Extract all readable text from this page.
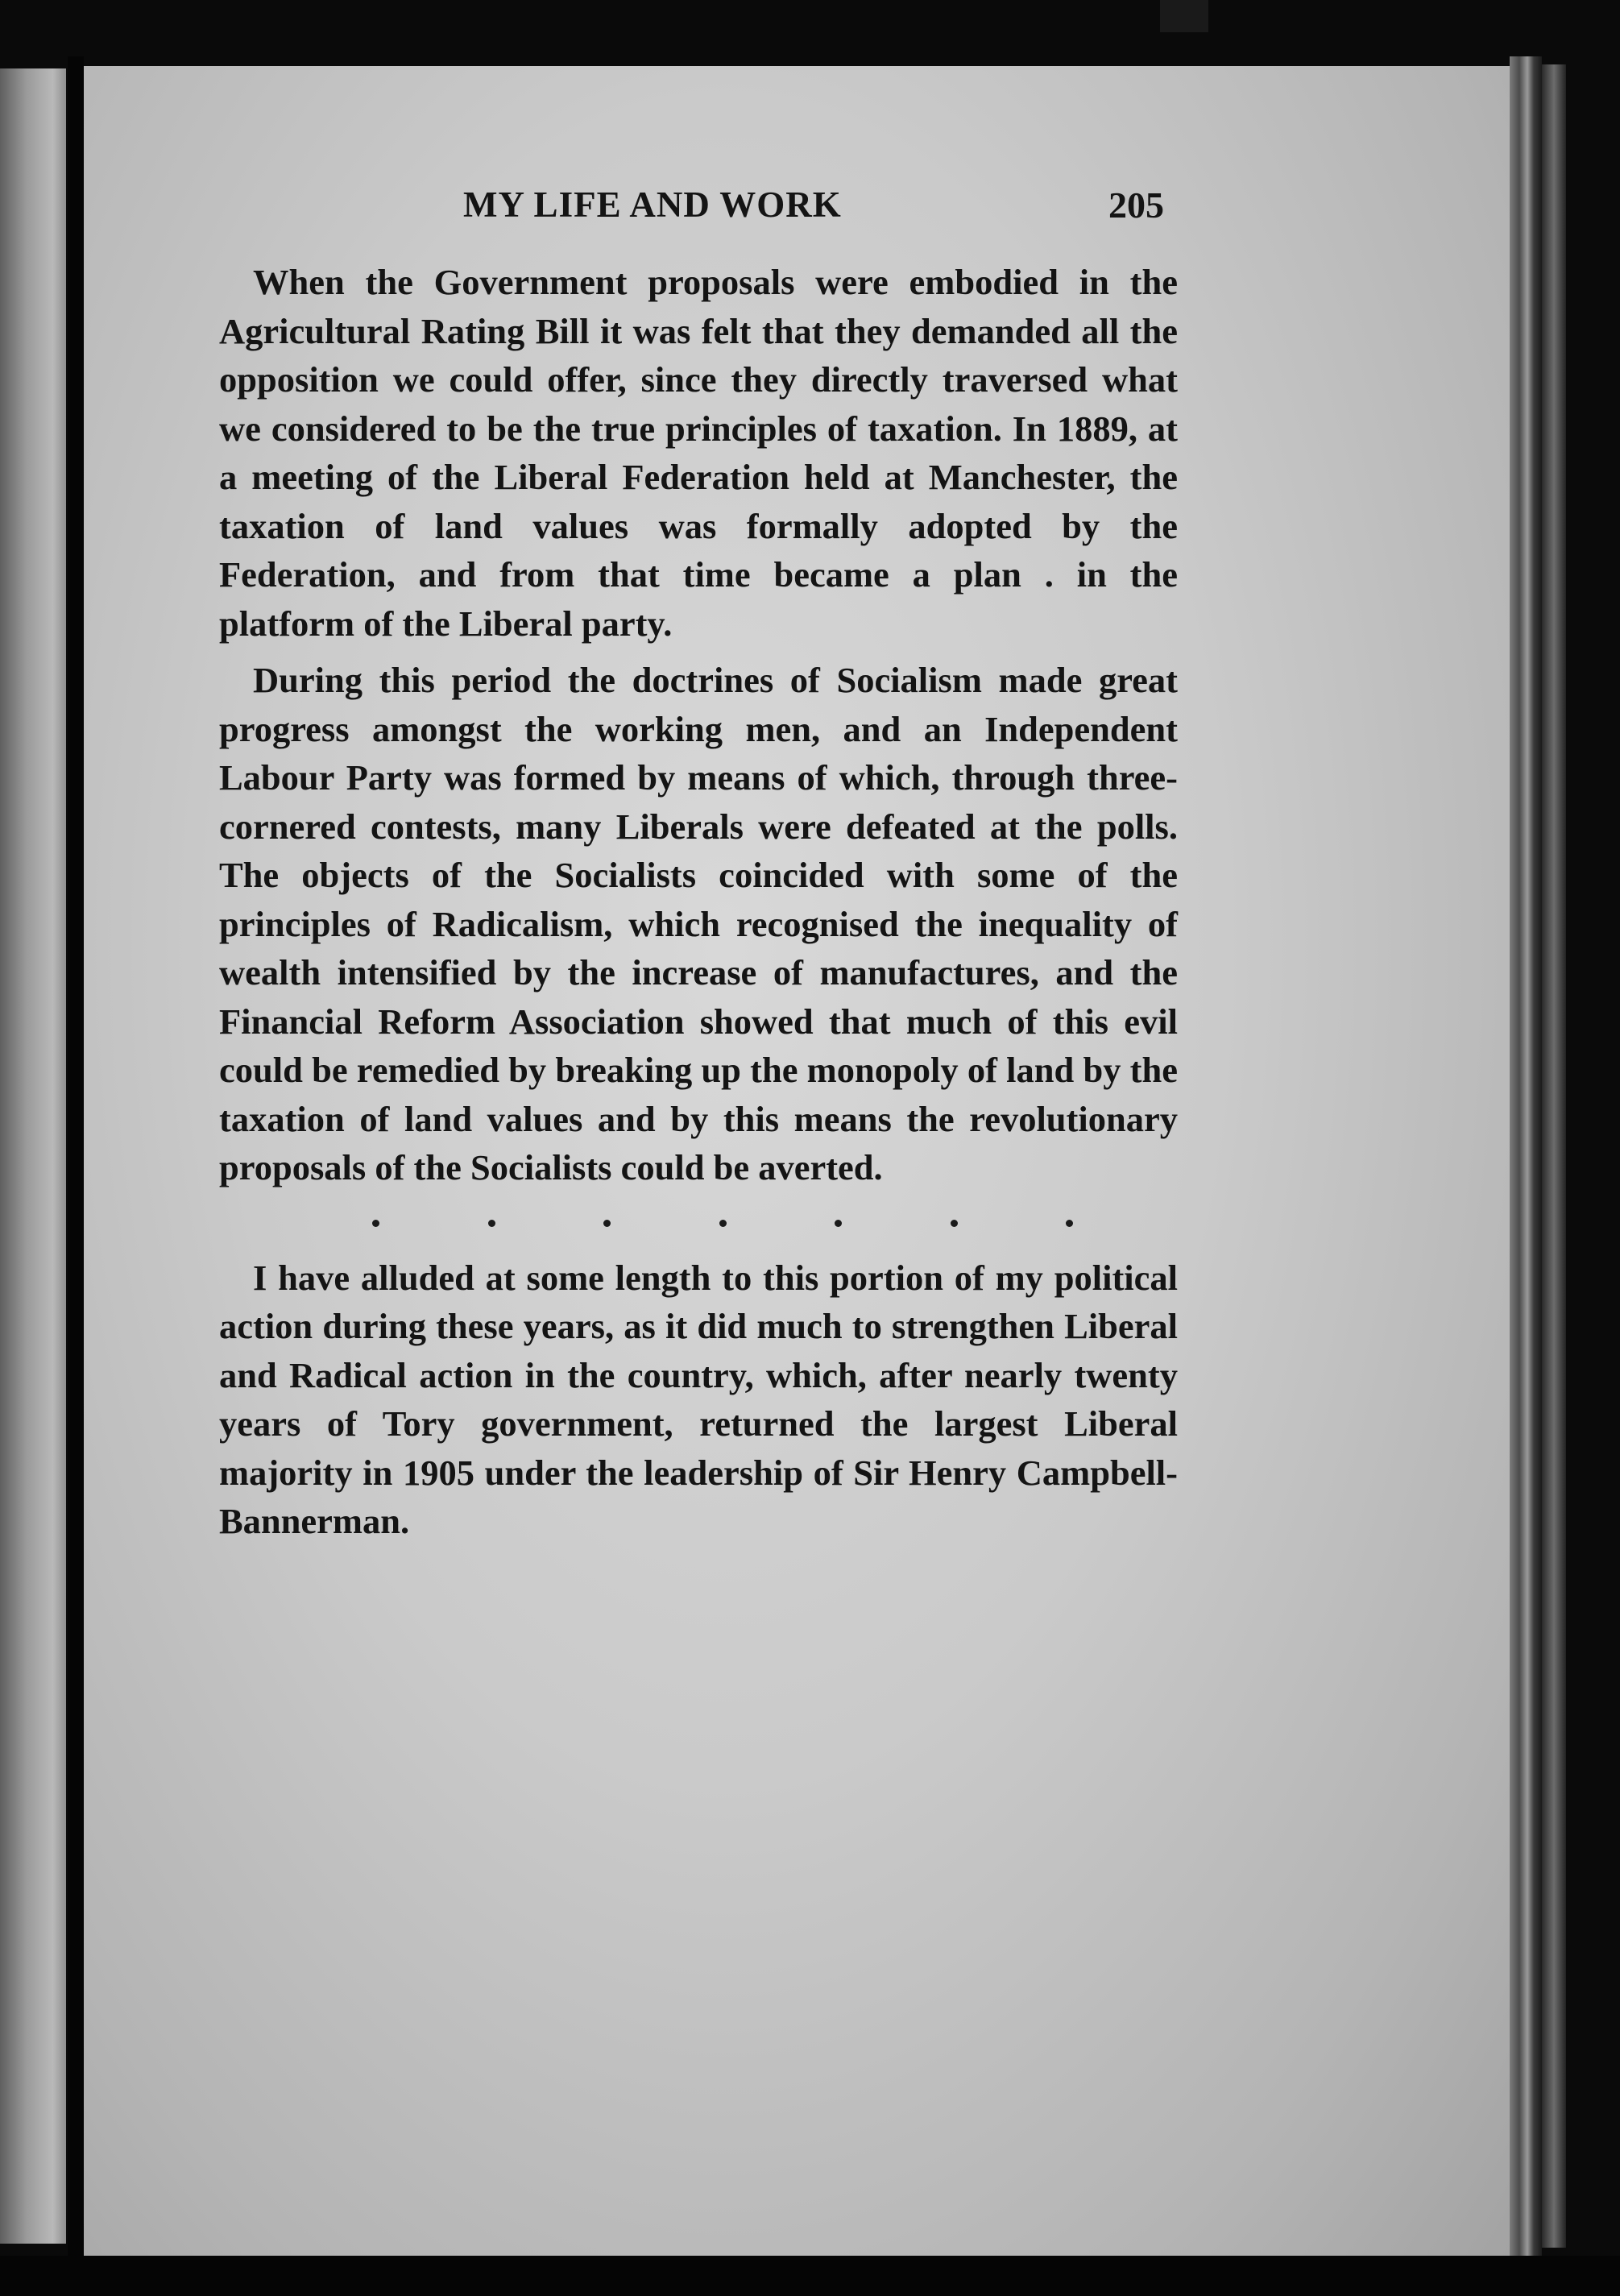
MY LIFE AND WORK	205

When the Government proposals were embodied in the Agricultural Rating Bill it was felt that they demanded all the opposition we could offer, since they directly traversed what we considered to be the true principles of taxation. In 1889, at a meeting of the Liberal Federation held at Manchester, the taxation of land values was formally adopted by the Federation, and from that time became a plan . in the platform of the Liberal party.

During this period the doctrines of Socialism made great progress amongst the working men, and an Independent Labour Party was formed by means of which, through three-cornered contests, many Liberals were defeated at the polls. The objects of the Socialists coincided with some of the principles of Radicalism, which recognised the inequality of wealth intensified by the increase of manufactures, and the Financial Reform Association showed that much of this evil could be remedied by breaking up the monopoly of land by the taxation of land values and by this means the revolutionary proposals of the Socialists could be averted.

I have alluded at some length to this portion of my political action during these years, as it did much to strengthen Liberal and Radical action in the country, which, after nearly twenty years of Tory government, returned the largest Liberal majority in 1905 under the leadership of Sir Henry Campbell-Bannerman.
